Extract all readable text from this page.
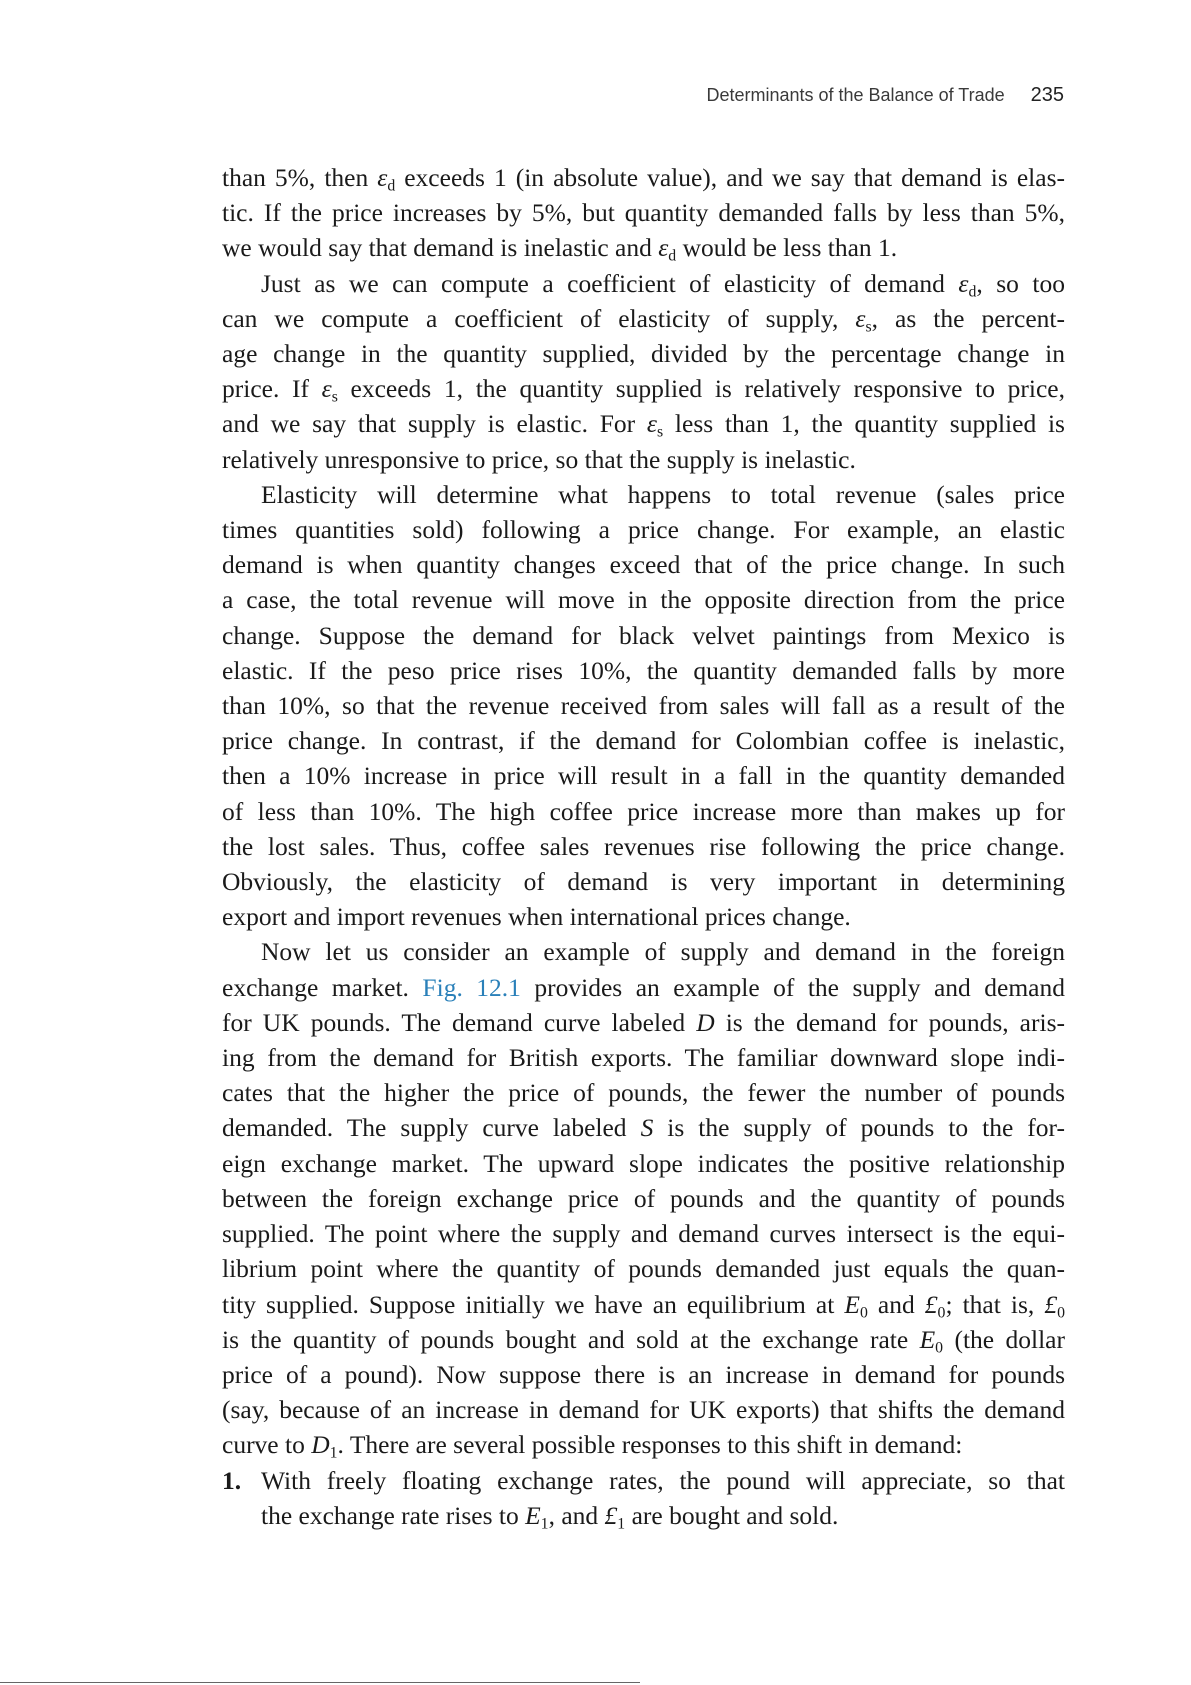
Determinants of the Balance of Trade 235

than 5%, then $\varepsilon_d$ exceeds 1 (in absolute value), and we say that demand is elas-
tic. If the price increases by 5%, but quantity demanded falls by less than 5%,
we would say that demand is inelastic and $\varepsilon_d$ would be less than 1.

Just as we can compute a coefficient of elasticity of demand $\varepsilon_d$, so too
can we compute a coefficient of elasticity of supply, $\varepsilon_s$, as the percent-
age change in the quantity supplied, divided by the percentage change in
price. If $\varepsilon_s$ exceeds 1, the quantity supplied is relatively responsive to price,
and we say that supply is elastic. For $\varepsilon_s$ less than 1, the quantity supplied is
relatively unresponsive to price, so that the supply is inelastic.

Elasticity will determine what happens to total revenue (sales price
times quantities sold) following a price change. For example, an elastic
demand is when quantity changes exceed that of the price change. In such
a case, the total revenue will move in the opposite direction from the price
change. Suppose the demand for black velvet paintings from Mexico is
elastic. If the peso price rises 10%, the quantity demanded falls by more
than 10%, so that the revenue received from sales will fall as a result of the
price change. In contrast, if the demand for Colombian coffee is inelastic,
then a 10% increase in price will result in a fall in the quantity demanded
of less than 10%. The high coffee price increase more than makes up for
the lost sales. Thus, coffee sales revenues rise following the price change.
Obviously, the elasticity of demand is very important in determining
export and import revenues when international prices change.

Now let us consider an example of supply and demand in the foreign
exchange market. Fig. 12.1 provides an example of the supply and demand
for UK pounds. The demand curve labeled D is the demand for pounds, aris-
ing from the demand for British exports. The familiar downward slope indi-
cates that the higher the price of pounds, the fewer the number of pounds
demanded. The supply curve labeled S is the supply of pounds to the for-
eign exchange market. The upward slope indicates the positive relationship
between the foreign exchange price of pounds and the quantity of pounds
supplied. The point where the supply and demand curves intersect is the equi-
librium point where the quantity of pounds demanded just equals the quan-
tity supplied. Suppose initially we have an equilibrium at $E_0$ and $£_0$; that is, $£_0$
is the quantity of pounds bought and sold at the exchange rate $E_0$ (the dollar
price of a pound). Now suppose there is an increase in demand for pounds
(say, because of an increase in demand for UK exports) that shifts the demand
curve to $D_1$. There are several possible responses to this shift in demand:

1. With freely floating exchange rates, the pound will appreciate, so that
the exchange rate rises to $E_1$, and $£_1$ are bought and sold.
